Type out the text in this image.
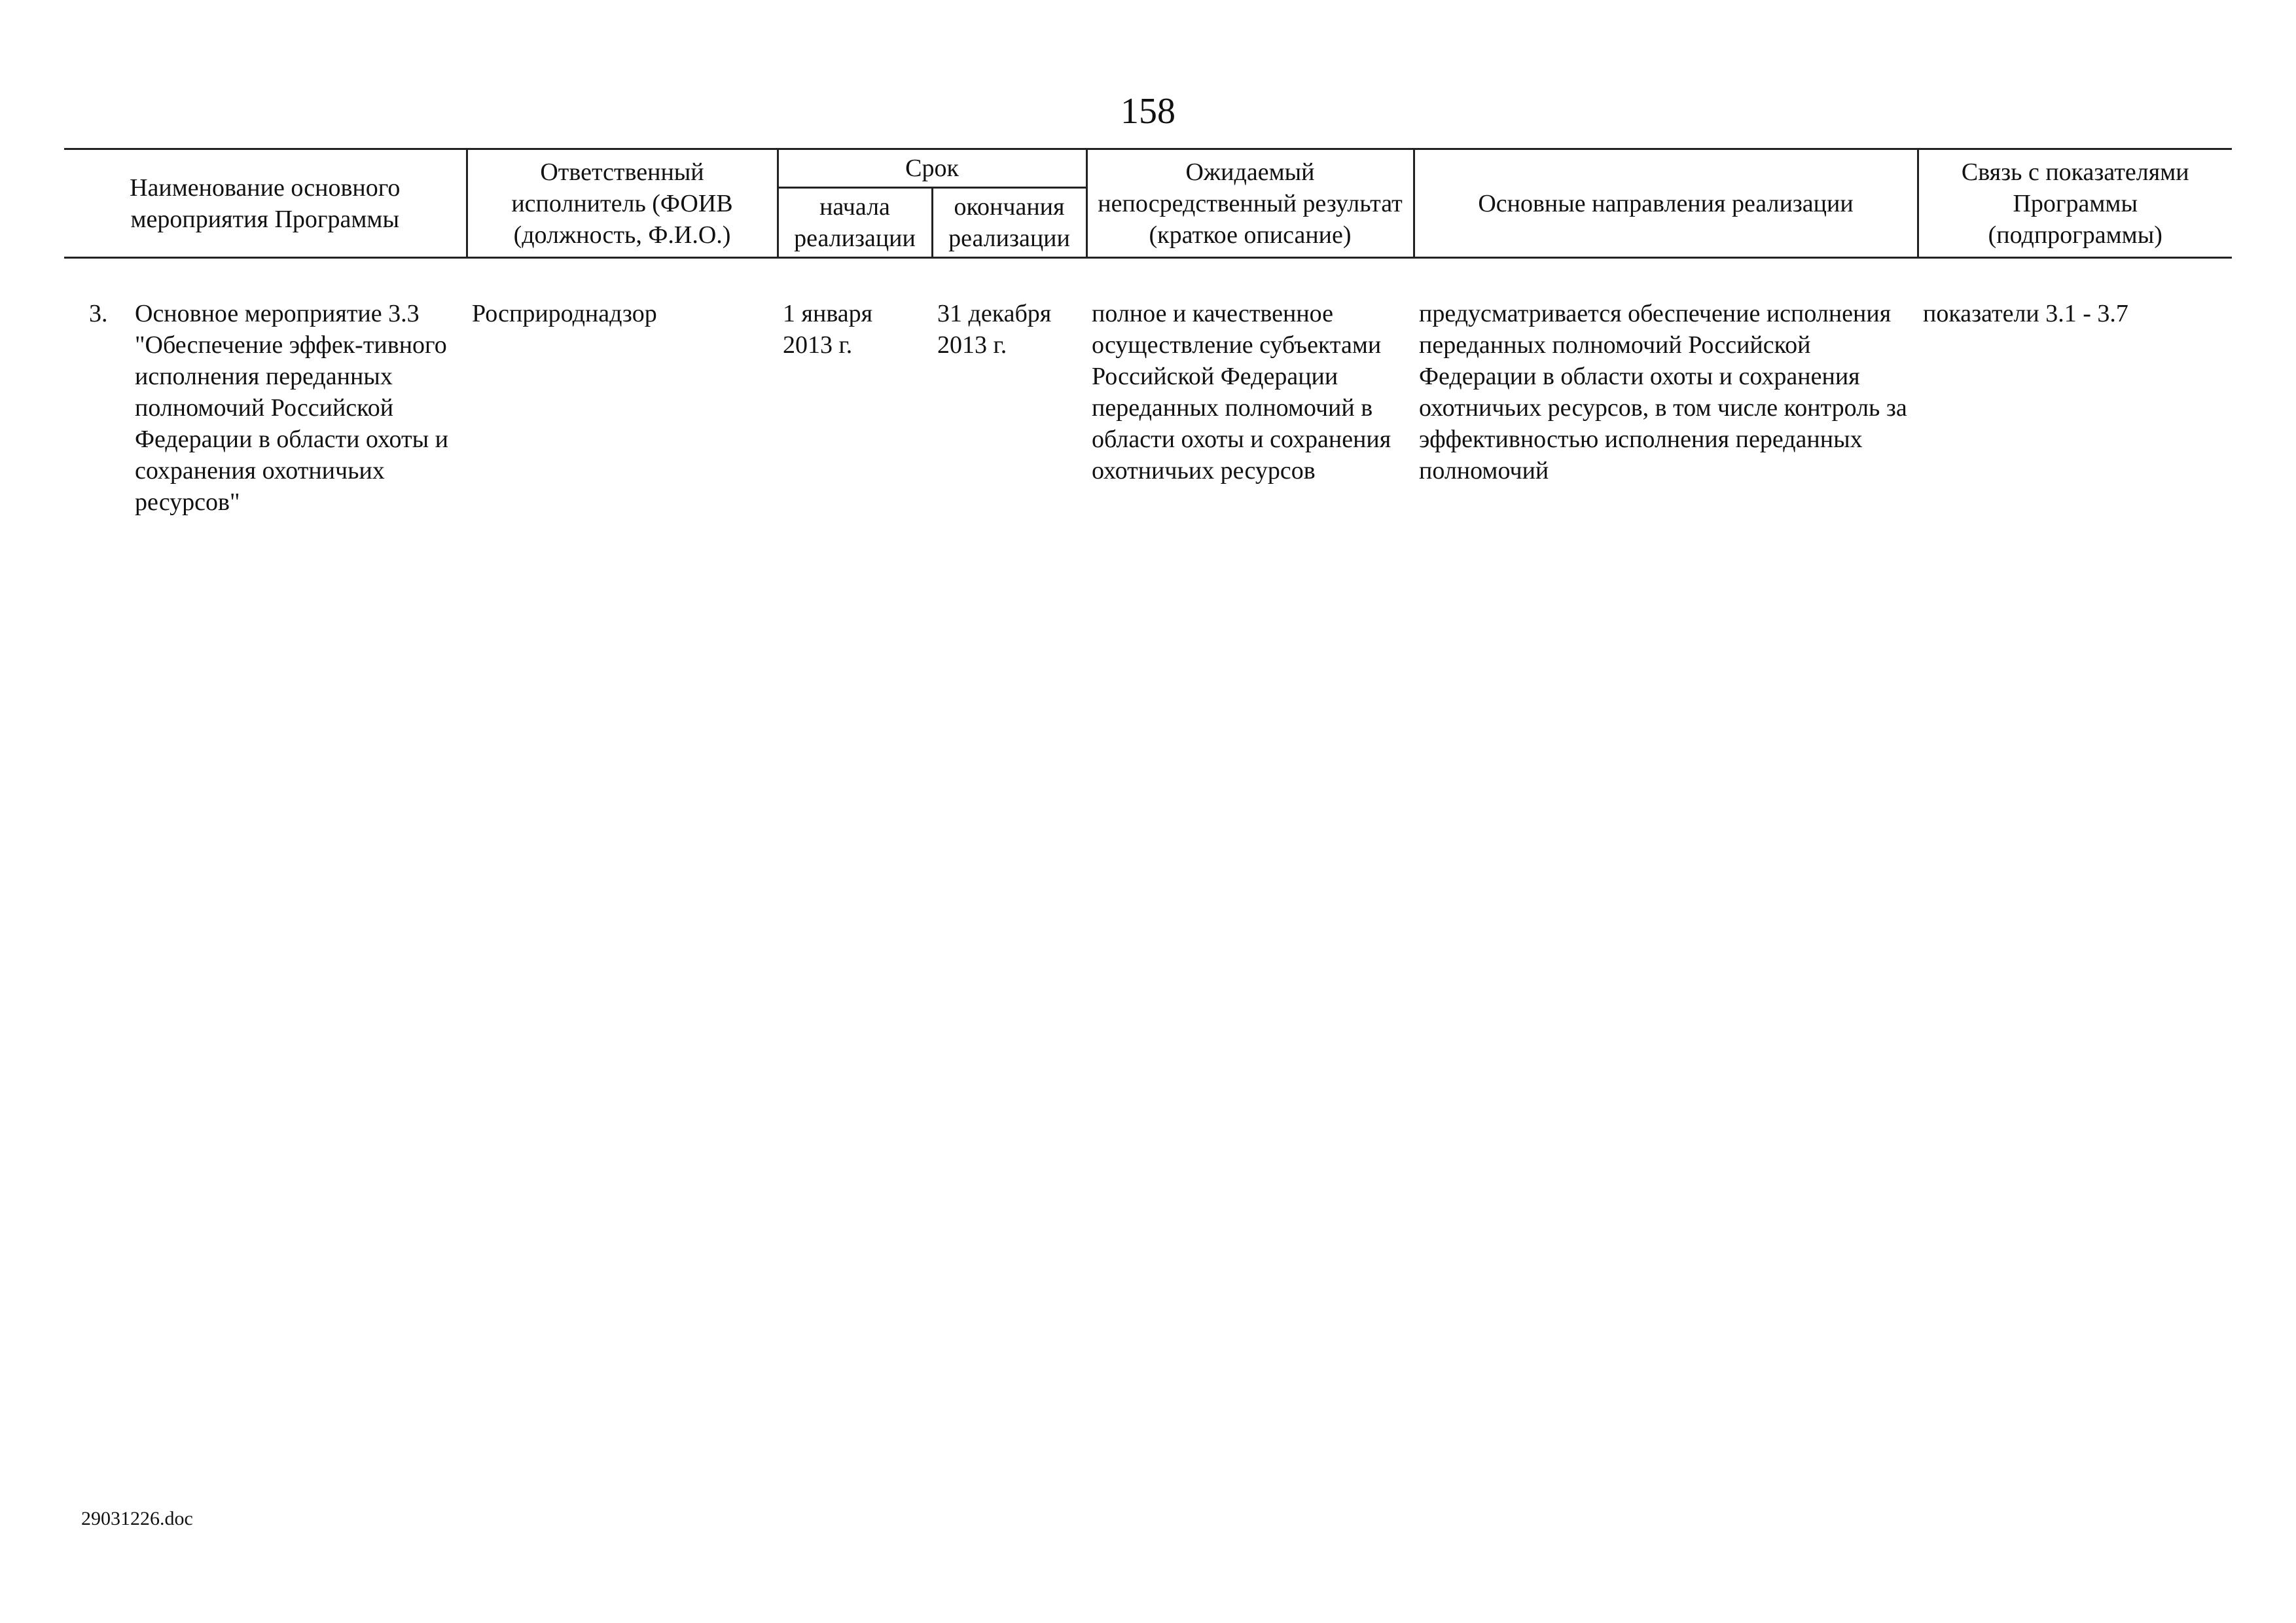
158
Наименование основного мероприятия Программы	Ответственный исполнитель (ФОИВ (должность, Ф.И.О.)	Срок		Ожидаемый непосредственный результат (краткое описание)	Основные направления реализации	Связь с показателями Программы (подпрограммы)
		начала реализации	окончания реализации			

3. Основное мероприятие 3.3 "Обеспечение эффек-тивного исполнения переданных полномочий Российской Федерации в области охоты и сохранения охотничьих ресурсов"	Росприроднадзор	1 января 2013 г.	31 декабря 2013 г.	полное и качественное осуществление субъектами Российской Федерации переданных полномочий в области охоты и сохранения охотничьих ресурсов	предусматривается обеспечение исполнения переданных полномочий Российской Федерации в области охоты и сохранения охотничьих ресурсов, в том числе контроль за эффективностью исполнения переданных полномочий	показатели 3.1 - 3.7
29031226.doc
